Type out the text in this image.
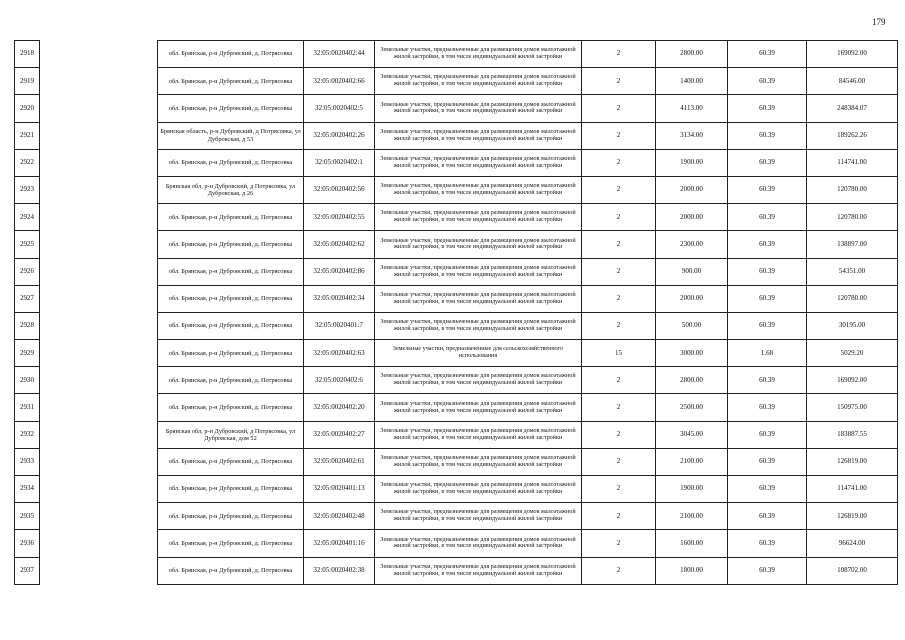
179
2918		обл. Брянская, р-н Дубровский, д. Потрясовка	32:05:0020402:44	Земельные участки, предназначенные для размещения домов малоэтажной жилой застройки, в том числе индивидуальной жилой застройки	2	2800.00	60.39	169092.00
2919		обл. Брянская, р-н Дубровский, д. Потрясовка	32:05:0020402:66	Земельные участки, предназначенные для размещения домов малоэтажной жилой застройки, в том числе индивидуальной жилой застройки	2	1400.00	60.39	84546.00
2920		обл. Брянская, р-н Дубровский, д. Потрясовка	32:05:0020402:5	Земельные участки, предназначенные для размещения домов малоэтажной жилой застройки, в том числе индивидуальной жилой застройки	2	4113.00	60.39	248384.07
2921		Брянская область, р-н Дубровский, д Потрясовка, ул Дубровская, д 53	32:05:0020402:26	Земельные участки, предназначенные для размещения домов малоэтажной жилой застройки, в том числе индивидуальной жилой застройки	2	3134.00	60.39	189262.26
2922		обл. Брянская, р-н Дубровский, д. Потрясовка	32:05:0020402:1	Земельные участки, предназначенные для размещения домов малоэтажной жилой застройки, в том числе индивидуальной жилой застройки	2	1900.00	60.39	114741.00
2923		Брянская обл, р-н Дубровский, д Потрясовка, ул Дубровская, д 26	32:05:0020402:56	Земельные участки, предназначенные для размещения домов малоэтажной жилой застройки, в том числе индивидуальной жилой застройки	2	2000.00	60.39	120780.00
2924		обл. Брянская, р-н Дубровский, д. Потрясовка	32:05:0020402:55	Земельные участки, предназначенные для размещения домов малоэтажной жилой застройки, в том числе индивидуальной жилой застройки	2	2000.00	60.39	120780.00
2925		обл. Брянская, р-н Дубровский, д. Потрясовка	32:05:0020402:62	Земельные участки, предназначенные для размещения домов малоэтажной жилой застройки, в том числе индивидуальной жилой застройки	2	2300.00	60.39	138897.00
2926		обл. Брянская, р-н Дубровский, д. Потрясовка	32:05:0020402:86	Земельные участки, предназначенные для размещения домов малоэтажной жилой застройки, в том числе индивидуальной жилой застройки	2	900.00	60.39	54351.00
2927		обл. Брянская, р-н Дубровский, д. Потрясовка	32:05:0020402:34	Земельные участки, предназначенные для размещения домов малоэтажной жилой застройки, в том числе индивидуальной жилой застройки	2	2000.00	60.39	120780.00
2928		обл. Брянская, р-н Дубровский, д. Потрясовка	32:05:0020401:7	Земельные участки, предназначенные для размещения домов малоэтажной жилой застройки, в том числе индивидуальной жилой застройки	2	500.00	60.39	30195.00
2929		обл. Брянская, р-н Дубровский, д. Потрясовка	32:05:0020402:63	Земельные участки, предназначенные для сельскохозяйственного использования	15	3000.00	1.68	5029.20
2930		обл. Брянская, р-н Дубровский, д. Потрясовка	32:05:0020402:6	Земельные участки, предназначенные для размещения домов малоэтажной жилой застройки, в том числе индивидуальной жилой застройки	2	2800.00	60.39	169092.00
2931		обл. Брянская, р-н Дубровский, д. Потрясовка	32:05:0020402:20	Земельные участки, предназначенные для размещения домов малоэтажной жилой застройки, в том числе индивидуальной жилой застройки	2	2500.00	60.39	150975.00
2932		Брянская обл, р-н Дубровский, д Потрясовка, ул Дубровская, дом 52	32:05:0020402:27	Земельные участки, предназначенные для размещения домов малоэтажной жилой застройки, в том числе индивидуальной жилой застройки	2	3045.00	60.39	183887.55
2933		обл. Брянская, р-н Дубровский, д. Потрясовка	32:05:0020402:61	Земельные участки, предназначенные для размещения домов малоэтажной жилой застройки, в том числе индивидуальной жилой застройки	2	2100.00	60.39	126819.00
2934		обл. Брянская, р-н Дубровский, д. Потрясовка	32:05:0020401:13	Земельные участки, предназначенные для размещения домов малоэтажной жилой застройки, в том числе индивидуальной жилой застройки	2	1900.00	60.39	114741.00
2935		обл. Брянская, р-н Дубровский, д. Потрясовка	32:05:0020402:48	Земельные участки, предназначенные для размещения домов малоэтажной жилой застройки, в том числе индивидуальной жилой застройки	2	2100.00	60.39	126819.00
2936		обл. Брянская, р-н Дубровский, д. Потрясовка	32:05:0020401:16	Земельные участки, предназначенные для размещения домов малоэтажной жилой застройки, в том числе индивидуальной жилой застройки	2	1600.00	60.39	96624.00
2937		обл. Брянская, р-н Дубровский, д. Потрясовка	32:05:0020402:38	Земельные участки, предназначенные для размещения домов малоэтажной жилой застройки, в том числе индивидуальной жилой застройки	2	1800.00	60.39	108702.00
